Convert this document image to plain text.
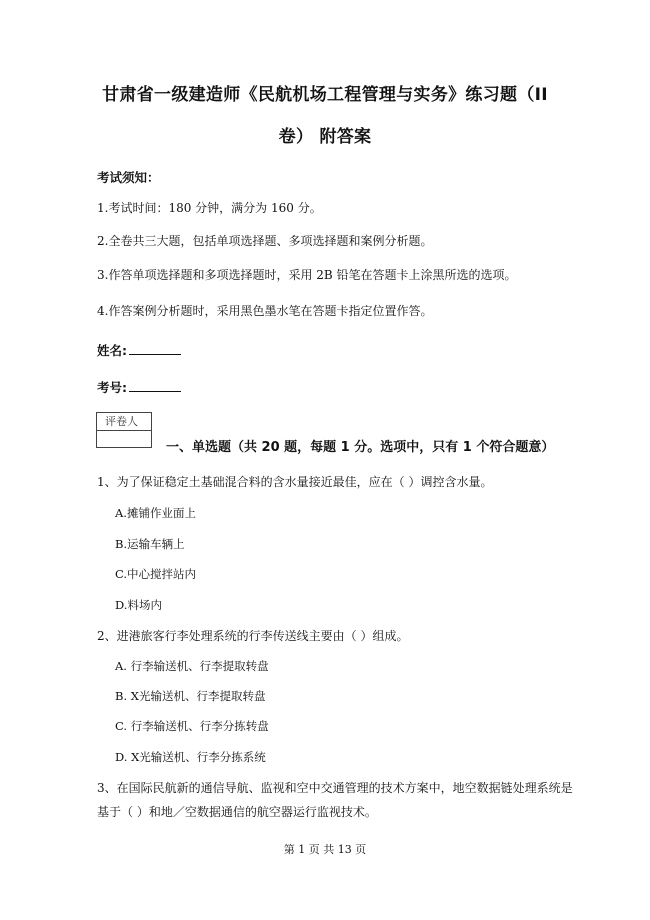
甘肃省一级建造师《民航机场工程管理与实务》练习题（II
卷） 附答案
考试须知：
1.考试时间：180 分钟，满分为 160 分。
2.全卷共三大题，包括单项选择题、多项选择题和案例分析题。
3.作答单项选择题和多项选择题时，采用 2B 铅笔在答题卡上涂黑所选的选项。
4.作答案例分析题时，采用黑色墨水笔在答题卡指定位置作答。
姓名:
考号:
评卷人
一、单选题（共 20 题，每题 1 分。选项中，只有 1 个符合题意）
1、为了保证稳定土基础混合料的含水量接近最佳，应在（ ）调控含水量。
A.摊铺作业面上
B.运输车辆上
C.中心搅拌站内
D.料场内
2、进港旅客行李处理系统的行李传送线主要由（ ）组成。
A. 行李输送机、行李提取转盘
B. X光输送机、行李提取转盘
C. 行李输送机、行李分拣转盘
D. X光输送机、行李分拣系统
3、在国际民航新的通信导航、监视和空中交通管理的技术方案中，地空数据链处理系统是
基于（ ）和地／空数据通信的航空器运行监视技术。
第 1 页 共 13 页
